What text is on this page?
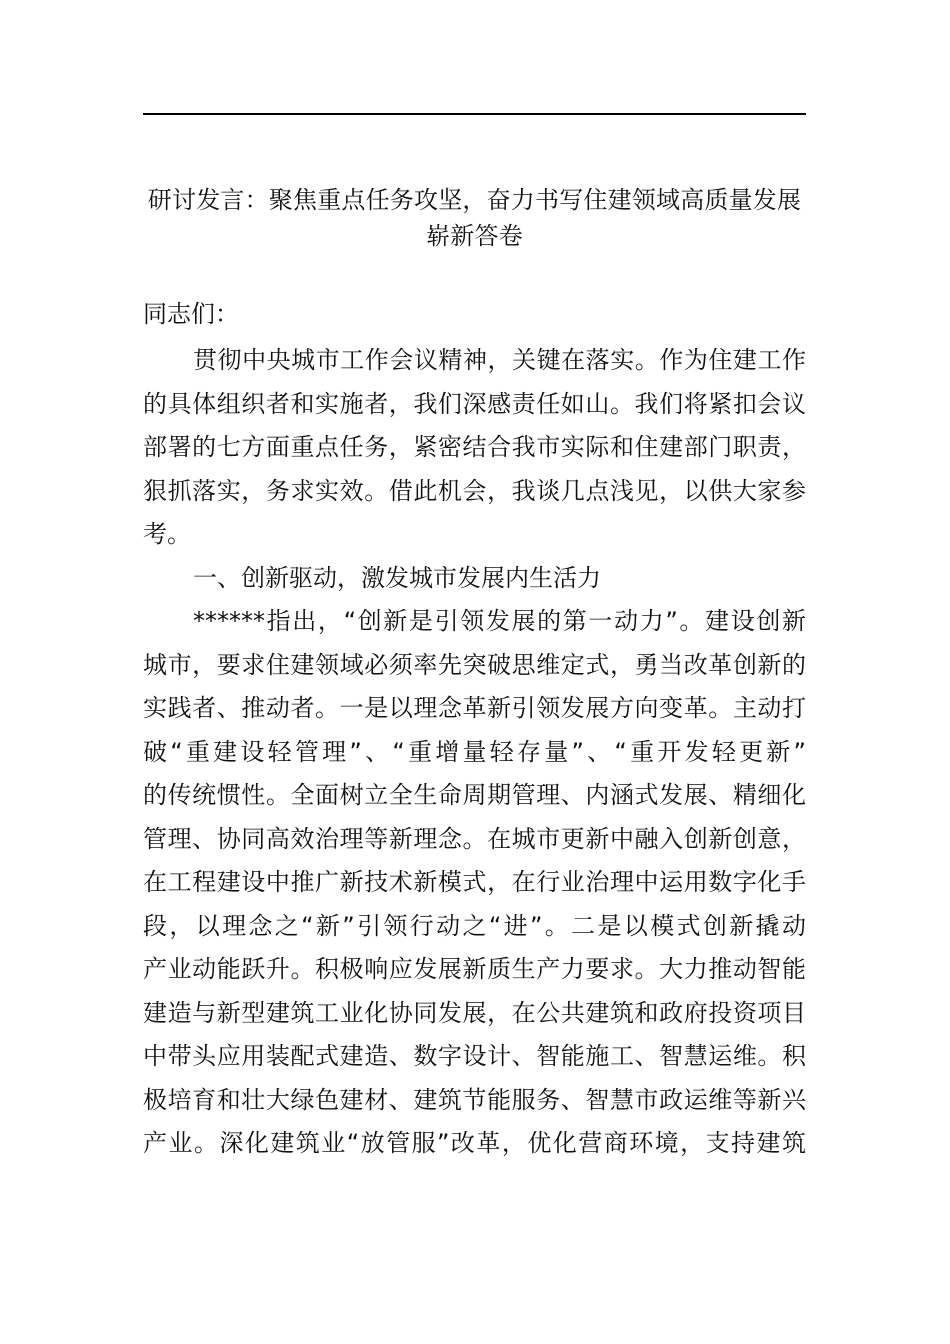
研讨发言：聚焦重点任务攻坚，奋力书写住建领域高质量发展
崭新答卷
同志们：
贯彻中央城市工作会议精神，关键在落实。作为住建工作
的具体组织者和实施者，我们深感责任如山。我们将紧扣会议
部署的七方面重点任务，紧密结合我市实际和住建部门职责，
狠抓落实，务求实效。借此机会，我谈几点浅见，以供大家参
考。
一、创新驱动，激发城市发展内生活力
******指出，“创新是引领发展的第一动力”。建设创新
城市，要求住建领域必须率先突破思维定式，勇当改革创新的
实践者、推动者。一是以理念革新引领发展方向变革。主动打
破“重建设轻管理”、“重增量轻存量”、“重开发轻更新”
的传统惯性。全面树立全生命周期管理、内涵式发展、精细化
管理、协同高效治理等新理念。在城市更新中融入创新创意，
在工程建设中推广新技术新模式，在行业治理中运用数字化手
段，以理念之“新”引领行动之“进”。二是以模式创新撬动
产业动能跃升。积极响应发展新质生产力要求。大力推动智能
建造与新型建筑工业化协同发展，在公共建筑和政府投资项目
中带头应用装配式建造、数字设计、智能施工、智慧运维。积
极培育和壮大绿色建材、建筑节能服务、智慧市政运维等新兴
产业。深化建筑业“放管服”改革，优化营商环境，支持建筑
